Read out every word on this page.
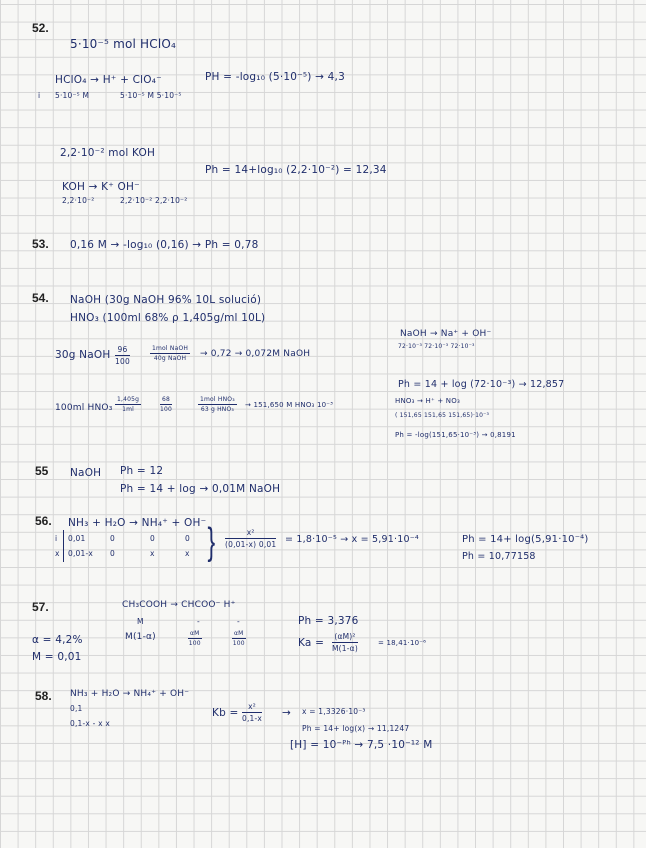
52.
5·10⁻⁵ mol HClO₄
HClO₄ → H⁺ + ClO₄⁻	PH = -log₁₀ (5·10⁻⁵) → 4,3
i 5·10⁻⁵ M	5·10⁻⁵ M 5·10⁻⁵
2,2·10⁻² mol KOH
Ph = 14+log₁₀ (2,2·10⁻²) = 12,34
KOH → K⁺ OH⁻
2,2·10⁻²	2,2·10⁻² 2,2·10⁻²
53. 0,16 M → -log₁₀ (0,16) → Ph = 0,78
54. NaOH (30g NaOH 96% 10L solució)
HNO₃ (100ml 68% ρ 1,405g/ml 10L)
30g NaOH $\frac{96}{100}$	1mol NaOH
40g NaOH	→ 0,72 → 0,072M NaOH
NaOH → Na⁺ + OH⁻
72·10⁻³ 72·10⁻³ 72·10⁻³
Ph = 14 + log (72·10⁻³) → 12,857
100ml $HNO_3 \frac{1,405g}{1ml}$	$\frac{68}{100}$	1mol HNO₃
63 g HNO₃
→ 151,650 M HNO₃ 10⁻³	HNO₃ → H⁺ + NO₃
( 151,65 151,65 151,65)·10⁻³
Ph = -log(151,65·10⁻³) → 0,8191
55 NaOH Ph = 12
Ph = 14 + log → 0,01M NaOH
56. NH₃ + H₂O → NH₄⁺ + OH⁻
i 0,01	0	0	0
x 0,01-x 0	x	x } $\frac{\text{x²}}{(0,01-x) 0,01} = 1,8\cdot 10^{-5} \to x = 5,91\cdot 10^{-4}$	Ph = 14+ log(5,91·10⁻⁴)
Ph = 10,77158
57.	CH₃COOH → CHCOO⁻ H⁺
M	-	-
M(1-α)	$\frac{\alpha M}{100}$	$\frac{\alpha M}{100}$
α = 4,2%
M = 0,01
Ph = 3,376
$Ka = \frac{\text{(αM)²}}{M(1-\alpha)}$	= 18,41·10⁻⁶
58. NH₃ + H₂O → NH₄⁺ + OH⁻
0,1
0,1-x - x x
$Kb = \frac{\text{x²}}{0,1-x} \to x = 1,3326\cdot 10^{-3}$
Ph = 14+ log(x) → 11,1247
[H] = 10⁻ᴾʰ → 7,5 ·10⁻¹² M
